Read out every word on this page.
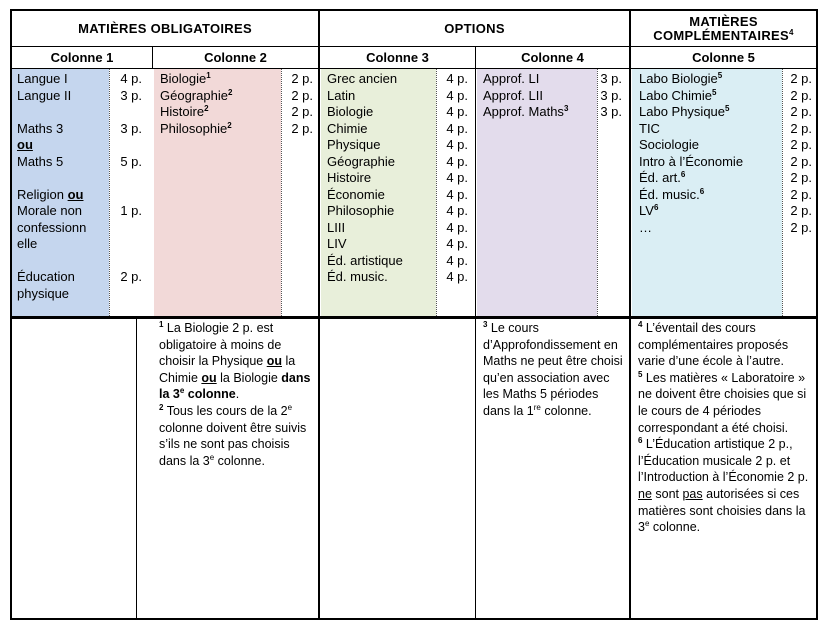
MATIÈRES OBLIGATOIRES	OPTIONS	MATIÈRES COMPLÉMENTAIRES$^4$
Colonne 1	Colonne 2	Colonne 3	Colonne 4	Colonne 5
Langue I	4 p.
Langue II	3 p.
Maths 3	3 p.
ou
Maths 5	5 p.
Religion ou
Morale non	1 p.
confessionn
elle
Éducation	2 p.
physique
Biologie$^1$	2 p.
Géographie$^2$	2 p.
Histoire$^2$	2 p.
Philosophie$^2$	2 p.
Grec ancien	4 p.
Latin	4 p.
Biologie	4 p.
Chimie	4 p.
Physique	4 p.
Géographie	4 p.
Histoire	4 p.
Économie	4 p.
Philosophie	4 p.
LIII	4 p.
LIV	4 p.
Éd. artistique	4 p.
Éd. music.	4 p.
Approf. LI	3 p.
Approf. LII	3 p.
Approf. Maths$^3$	3 p.
Labo Biologie$^5$	2 p.
Labo Chimie$^5$	2 p.
Labo Physique$^5$	2 p.
TIC	2 p.
Sociologie	2 p.
Intro à l’Économie	2 p.
Éd. art.$^6$	2 p.
Éd. music.$^6$	2 p.
$LV^6$	2 p.
…	2 p.

$^1$ La Biologie 2 p. est obligatoire à moins de choisir la Physique ou la Chimie ou la Biologie dans la 3e colonne.

$^2$ Tous les cours de la 2e colonne doivent être suivis s’ils ne sont pas choisis dans la 3e colonne.

$^3$ Le cours d’Approfondissement en Maths ne peut être choisi qu’en association avec les Maths 5 périodes dans la 1re colonne.

$^4$ L’éventail des cours complémentaires proposés varie d’une école à l’autre.

$^5$ Les matières « Laboratoire » ne doivent être choisies que si le cours de 4 périodes correspondant a été choisi.

$^6$ L’Éducation artistique 2 p., l’Éducation musicale 2 p. et l’Introduction à l’Économie 2 p. ne sont pas autorisées si ces matières sont choisies dans la 3e colonne.
